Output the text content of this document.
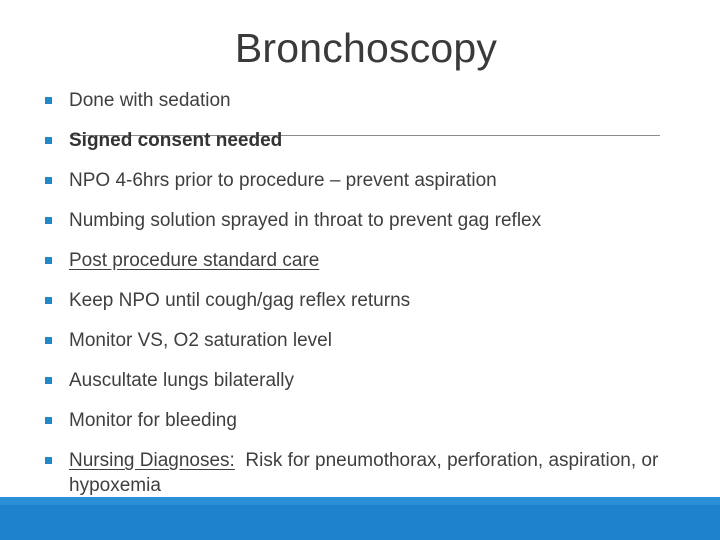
Bronchoscopy
Done with sedation
Signed consent needed
NPO 4-6hrs prior to procedure – prevent aspiration
Numbing solution sprayed in throat to prevent gag reflex
Post procedure standard care
Keep NPO until cough/gag reflex returns
Monitor VS, O2 saturation level
Auscultate lungs bilaterally
Monitor for bleeding
Nursing Diagnoses:  Risk for pneumothorax, perforation, aspiration, or hypoxemia
